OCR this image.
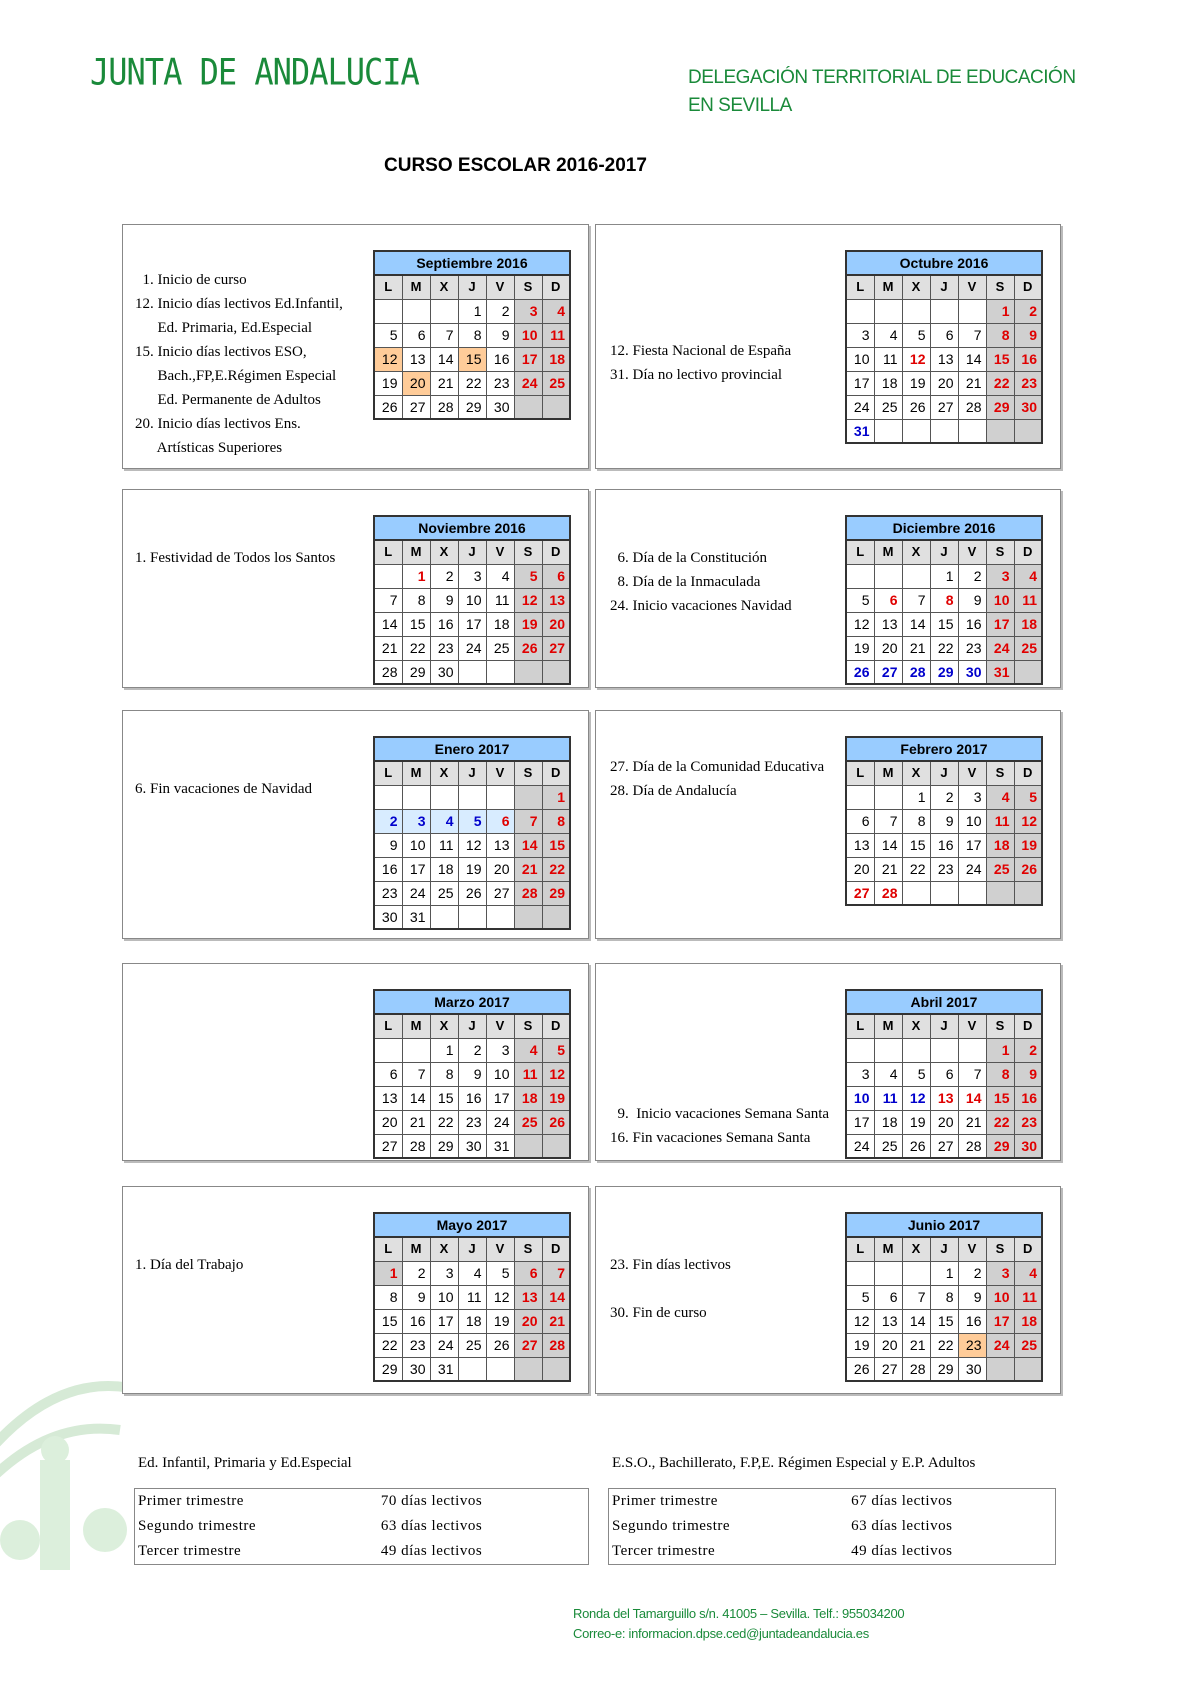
JUNTA DE ANDALUCIA	DELEGACIÓN TERRITORIAL DE EDUCACIÓN
EN SEVILLA
CURSO ESCOLAR 2016-2017
1. Inicio de curso
12. Inicio días lectivos Ed.Infantil,
Ed. Primaria, Ed.Especial
15. Inicio días lectivos ESO,
Bach.,FP,E.Régimen Especial
Ed. Permanente de Adultos
20. Inicio días lectivos Ens.
Artísticas Superiores
Septiembre 2016						
L	M	X	J	V	S	D
			1	2	3	4
5	6	7	8	9	10	11
12	13	14	15	16	17	18
19	20	21	22	23	24	25
26	27	28	29	30		

12. Fiesta Nacional de España
31. Día no lectivo provincial
Octubre 2016						
L	M	X	J	V	S	D
					1	2
3	4	5	6	7	8	9
10	11	12	13	14	15	16
17	18	19	20	21	22	23
24	25	26	27	28	29	30
31						
1. Festividad de Todos los Santos
Noviembre 2016						
L	M	X	J	V	S	D
	1	2	3	4	5	6
7	8	9	10	11	12	13
14	15	16	17	18	19	20
21	22	23	24	25	26	27
28	29	30				
6. Día de la Constitución
8. Día de la Inmaculada
24. Inicio vacaciones Navidad
Diciembre 2016						
L	M	X	J	V	S	D
			1	2	3	4
5	6	7	8	9	10	11
12	13	14	15	16	17	18
19	20	21	22	23	24	25
26	27	28	29	30	31	
6. Fin vacaciones de Navidad
Enero 2017						
L	M	X	J	V	S	D
						1
2	3	4	5	6	7	8
9	10	11	12	13	14	15
16	17	18	19	20	21	22
23	24	25	26	27	28	29
30	31					
27. Día de la Comunidad Educativa
28. Día de Andalucía
Febrero 2017						
L	M	X	J	V	S	D
		1	2	3	4	5
6	7	8	9	10	11	12
13	14	15	16	17	18	19
20	21	22	23	24	25	26
27	28					
Marzo 2017						
L	M	X	J	V	S	D
		1	2	3	4	5
6	7	8	9	10	11	12
13	14	15	16	17	18	19
20	21	22	23	24	25	26
27	28	29	30	31		

9.  Inicio vacaciones Semana Santa
16. Fin vacaciones Semana Santa
Abril 2017						
L	M	X	J	V	S	D
					1	2
3	4	5	6	7	8	9
10	11	12	13	14	15	16
17	18	19	20	21	22	23
24	25	26	27	28	29	30
1. Día del Trabajo
Mayo 2017						
L	M	X	J	V	S	D
1	2	3	4	5	6	7
8	9	10	11	12	13	14
15	16	17	18	19	20	21
22	23	24	25	26	27	28
29	30	31				
23. Fin días lectivos

30. Fin de curso
Junio 2017						
L	M	X	J	V	S	D
			1	2	3	4
5	6	7	8	9	10	11
12	13	14	15	16	17	18
19	20	21	22	23	24	25
26	27	28	29	30		
Ed. Infantil, Primaria y Ed.Especial
Primer trimestre	70 días lectivos
Segundo trimestre	63 días lectivos
Tercer trimestre	49 días lectivos
E.S.O., Bachillerato, F.P,E. Régimen Especial y E.P. Adultos
Primer trimestre	67 días lectivos
Segundo trimestre	63 días lectivos
Tercer trimestre	49 días lectivos
Ronda del Tamarguillo s/n. 41005 – Sevilla. Telf.: 955034200
Correo-e: informacion.dpse.ced@juntadeandalucia.es
